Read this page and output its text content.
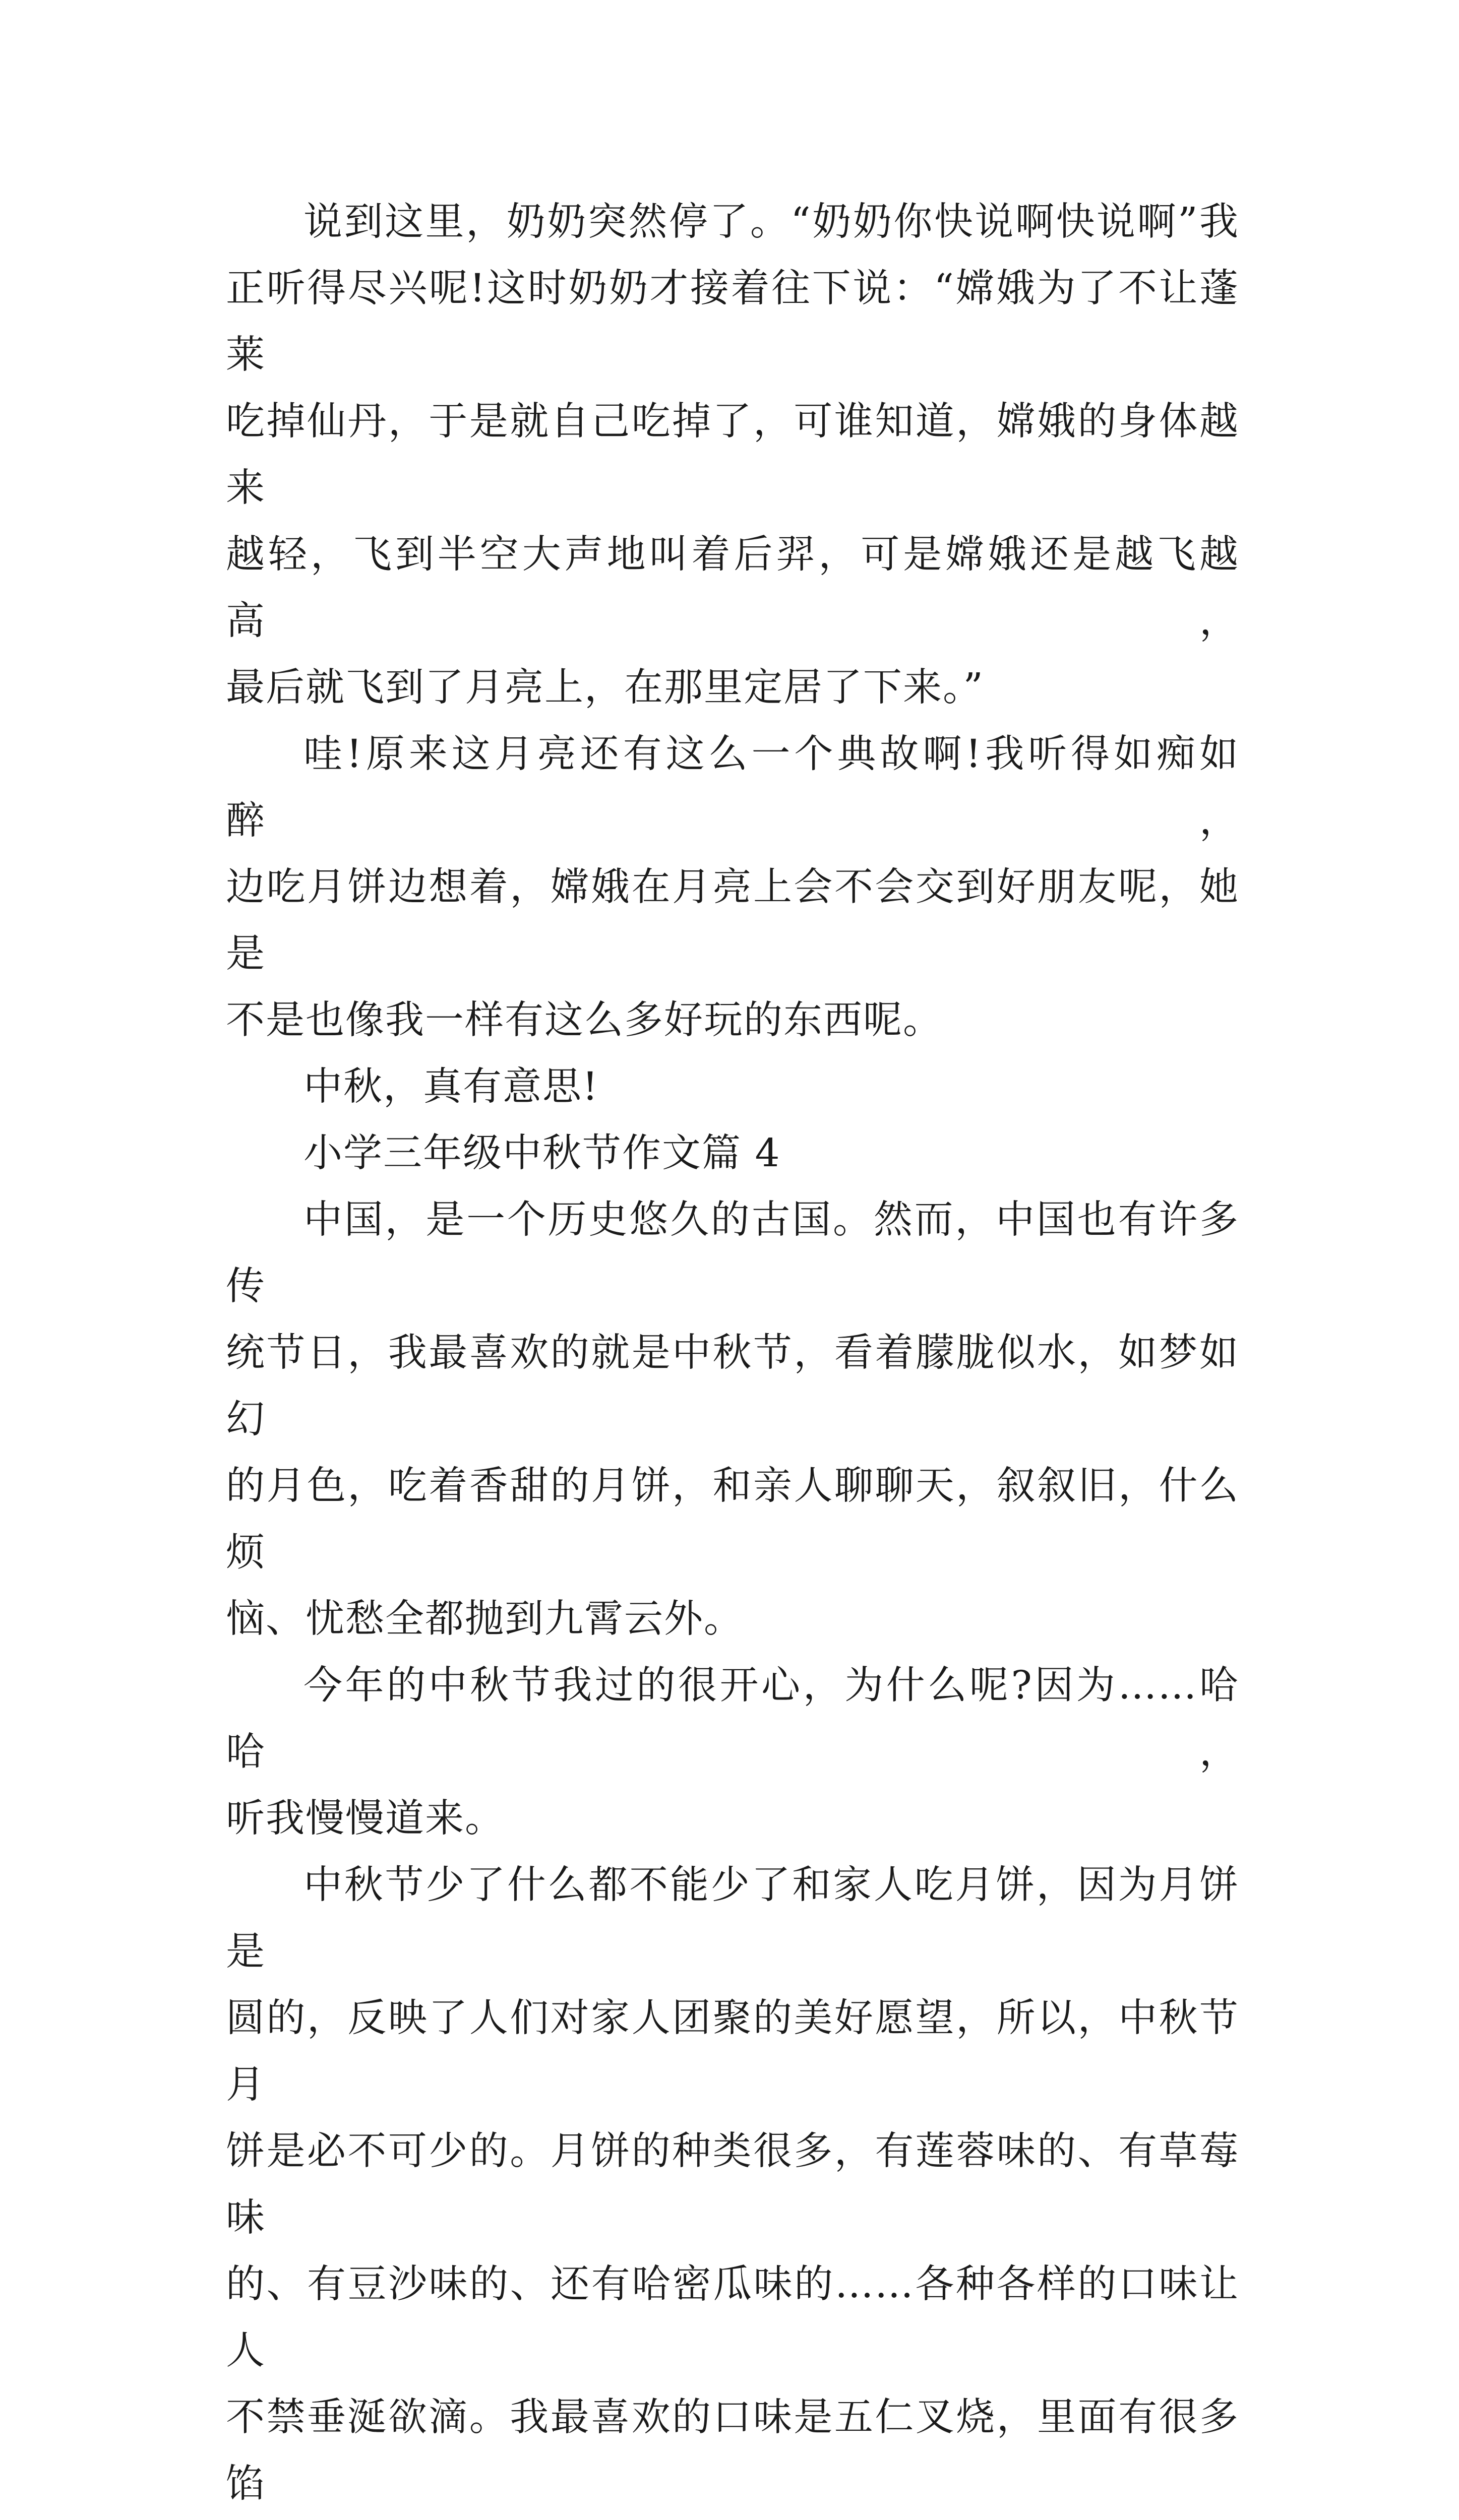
说到这里，奶奶突然停了。“奶奶你快说啊快说啊”我
正听得尽兴呢!这时奶奶才接着往下说：“嫦娥为了不让蓬莱
吃掉仙丹，于是就自己吃掉了，可谁知道，嫦娥的身体越来
越轻，飞到半空大声地叫着后羿，可是嫦娥还是越飞越高，
最后就飞到了月亮上，在那里定居了下来。”

哇!原来这月亮还有这么一个典故啊!我听得如痴如醉，
边吃月饼边想着，嫦娥在月亮上会不会交到好朋友呢，她是
不是也像我一样有这么多好玩的东西呢。

中秋，真有意思!

小学三年级中秋节作文篇 4

中国，是一个历史悠久的古国。然而，中国也有许多传
统节日，我最喜欢的就是中秋节，看着朦胧似水，如梦如幻
的月色，吃着香甜的月饼，和亲人聊聊天，叙叙旧，什么烦
恼、忧愁全都抛到九霄云外。

今年的中秋节我过的很开心，为什么呢?因为……哈哈，
听我慢慢道来。

中秋节少了什么都不能少了和家人吃月饼，因为月饼是
圆的，反映了人们对家人团聚的美好愿望，所以，中秋节月
饼是必不可少的。月饼的种类很多，有莲蓉味的、有草莓味
的、有豆沙味的、还有哈密瓜味的……各种各样的口味让人
不禁垂涎欲滴。我最喜欢的口味是五仁叉烧，里面有很多馅
